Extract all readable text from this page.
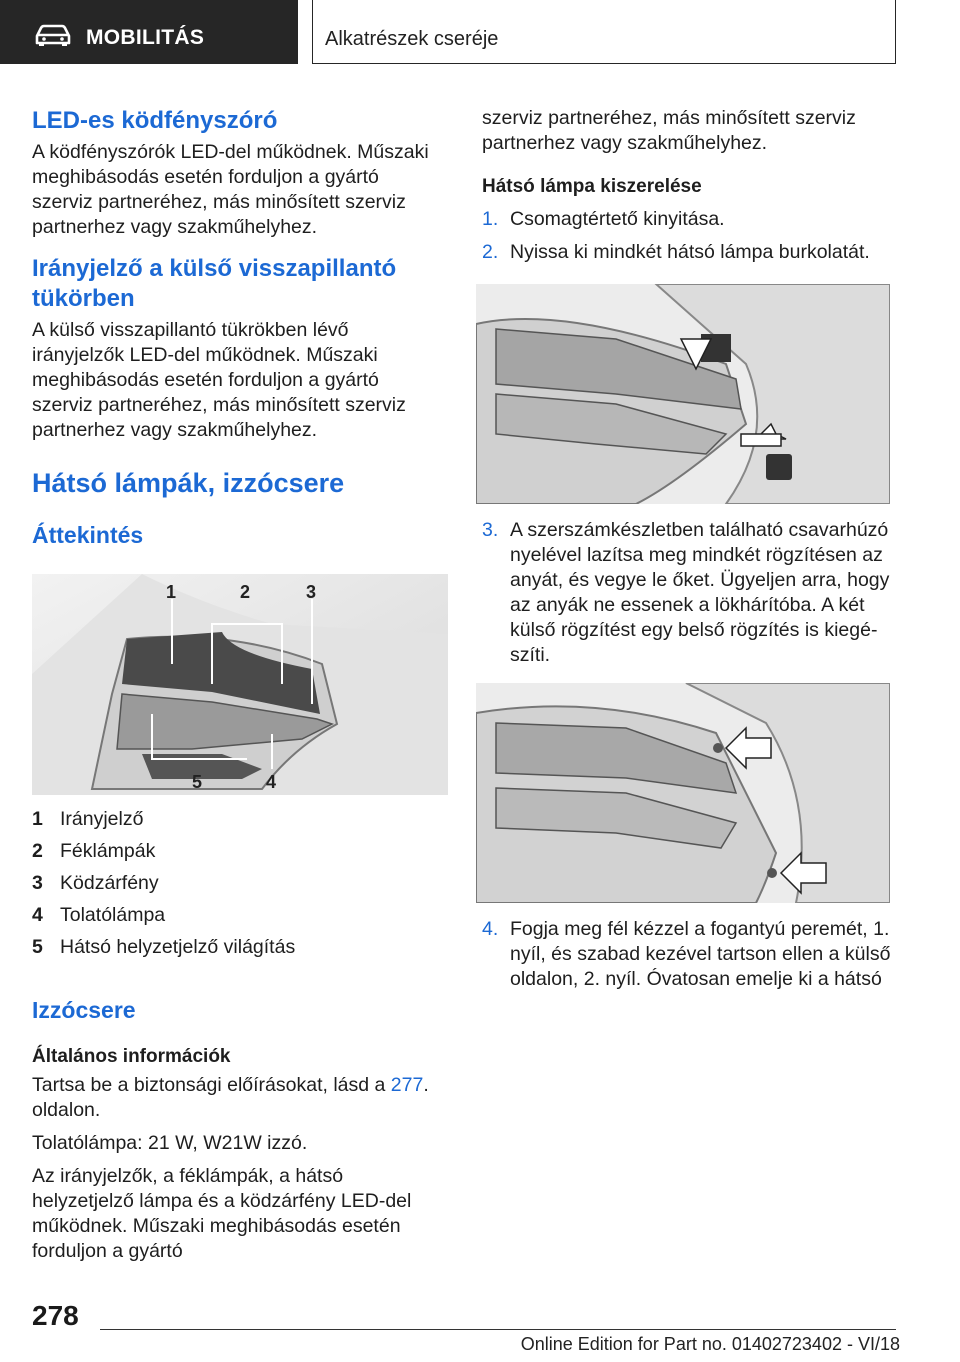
MOBILITÁS	Alkatrészek cseréje
LED-es ködfényszóró

A ködfényszórók LED-del működnek. Műszaki meghibásodás esetén forduljon a gyártó szerviz partneréhez, más minősített szerviz partnerhez vagy szakműhelyhez.

Irányjelző a külső visszapillantó tükörben

A külső visszapillantó tükrökben lévő irányjelzők LED-del működnek. Műszaki meghibásodás esetén forduljon a gyártó szerviz partneréhez, más minősített szerviz partnerhez vagy szakműhelyhez.

Hátsó lámpák, izzócsere
Áttekintés
1	2	3
4
5
1 Irányjelző
2 Féklámpák
3 Ködzárfény
4 Tolatólámpa
5 Hátsó helyzetjelző világítás
Izzócsere
Általános információk

Tartsa be a biztonsági előírásokat, lásd a 277. oldalon.

Tolatólámpa: 21 W, W21W izzó.

Az irányjelzők, a féklámpák, a hátsó helyzetjelző lámpa és a ködzárfény LED-del működnek. Műszaki meghibásodás esetén forduljon a gyártó

szerviz partneréhez, más minősített szerviz partnerhez vagy szakműhelyhez.

Hátsó lámpa kiszerelése
1. Csomagtértető kinyitása.
2. Nyissa ki mindkét hátsó lámpa burkolatát.
3. A szerszámkészletben található csavarhúzó nyelével lazítsa meg mindkét rögzítésen az anyát, és vegye le őket. Ügyeljen arra, hogy az anyák ne essenek a lökhárítóba. A két külső rögzítést egy belső rögzítés is kiegészíti.
4. Fogja meg fél kézzel a fogantyú peremét, 1. nyíl, és szabad kezével tartson ellen a külső oldalon, 2. nyíl. Óvatosan emelje ki a hátsó
278
Online Edition for Part no. 01402723402 - VI/18
